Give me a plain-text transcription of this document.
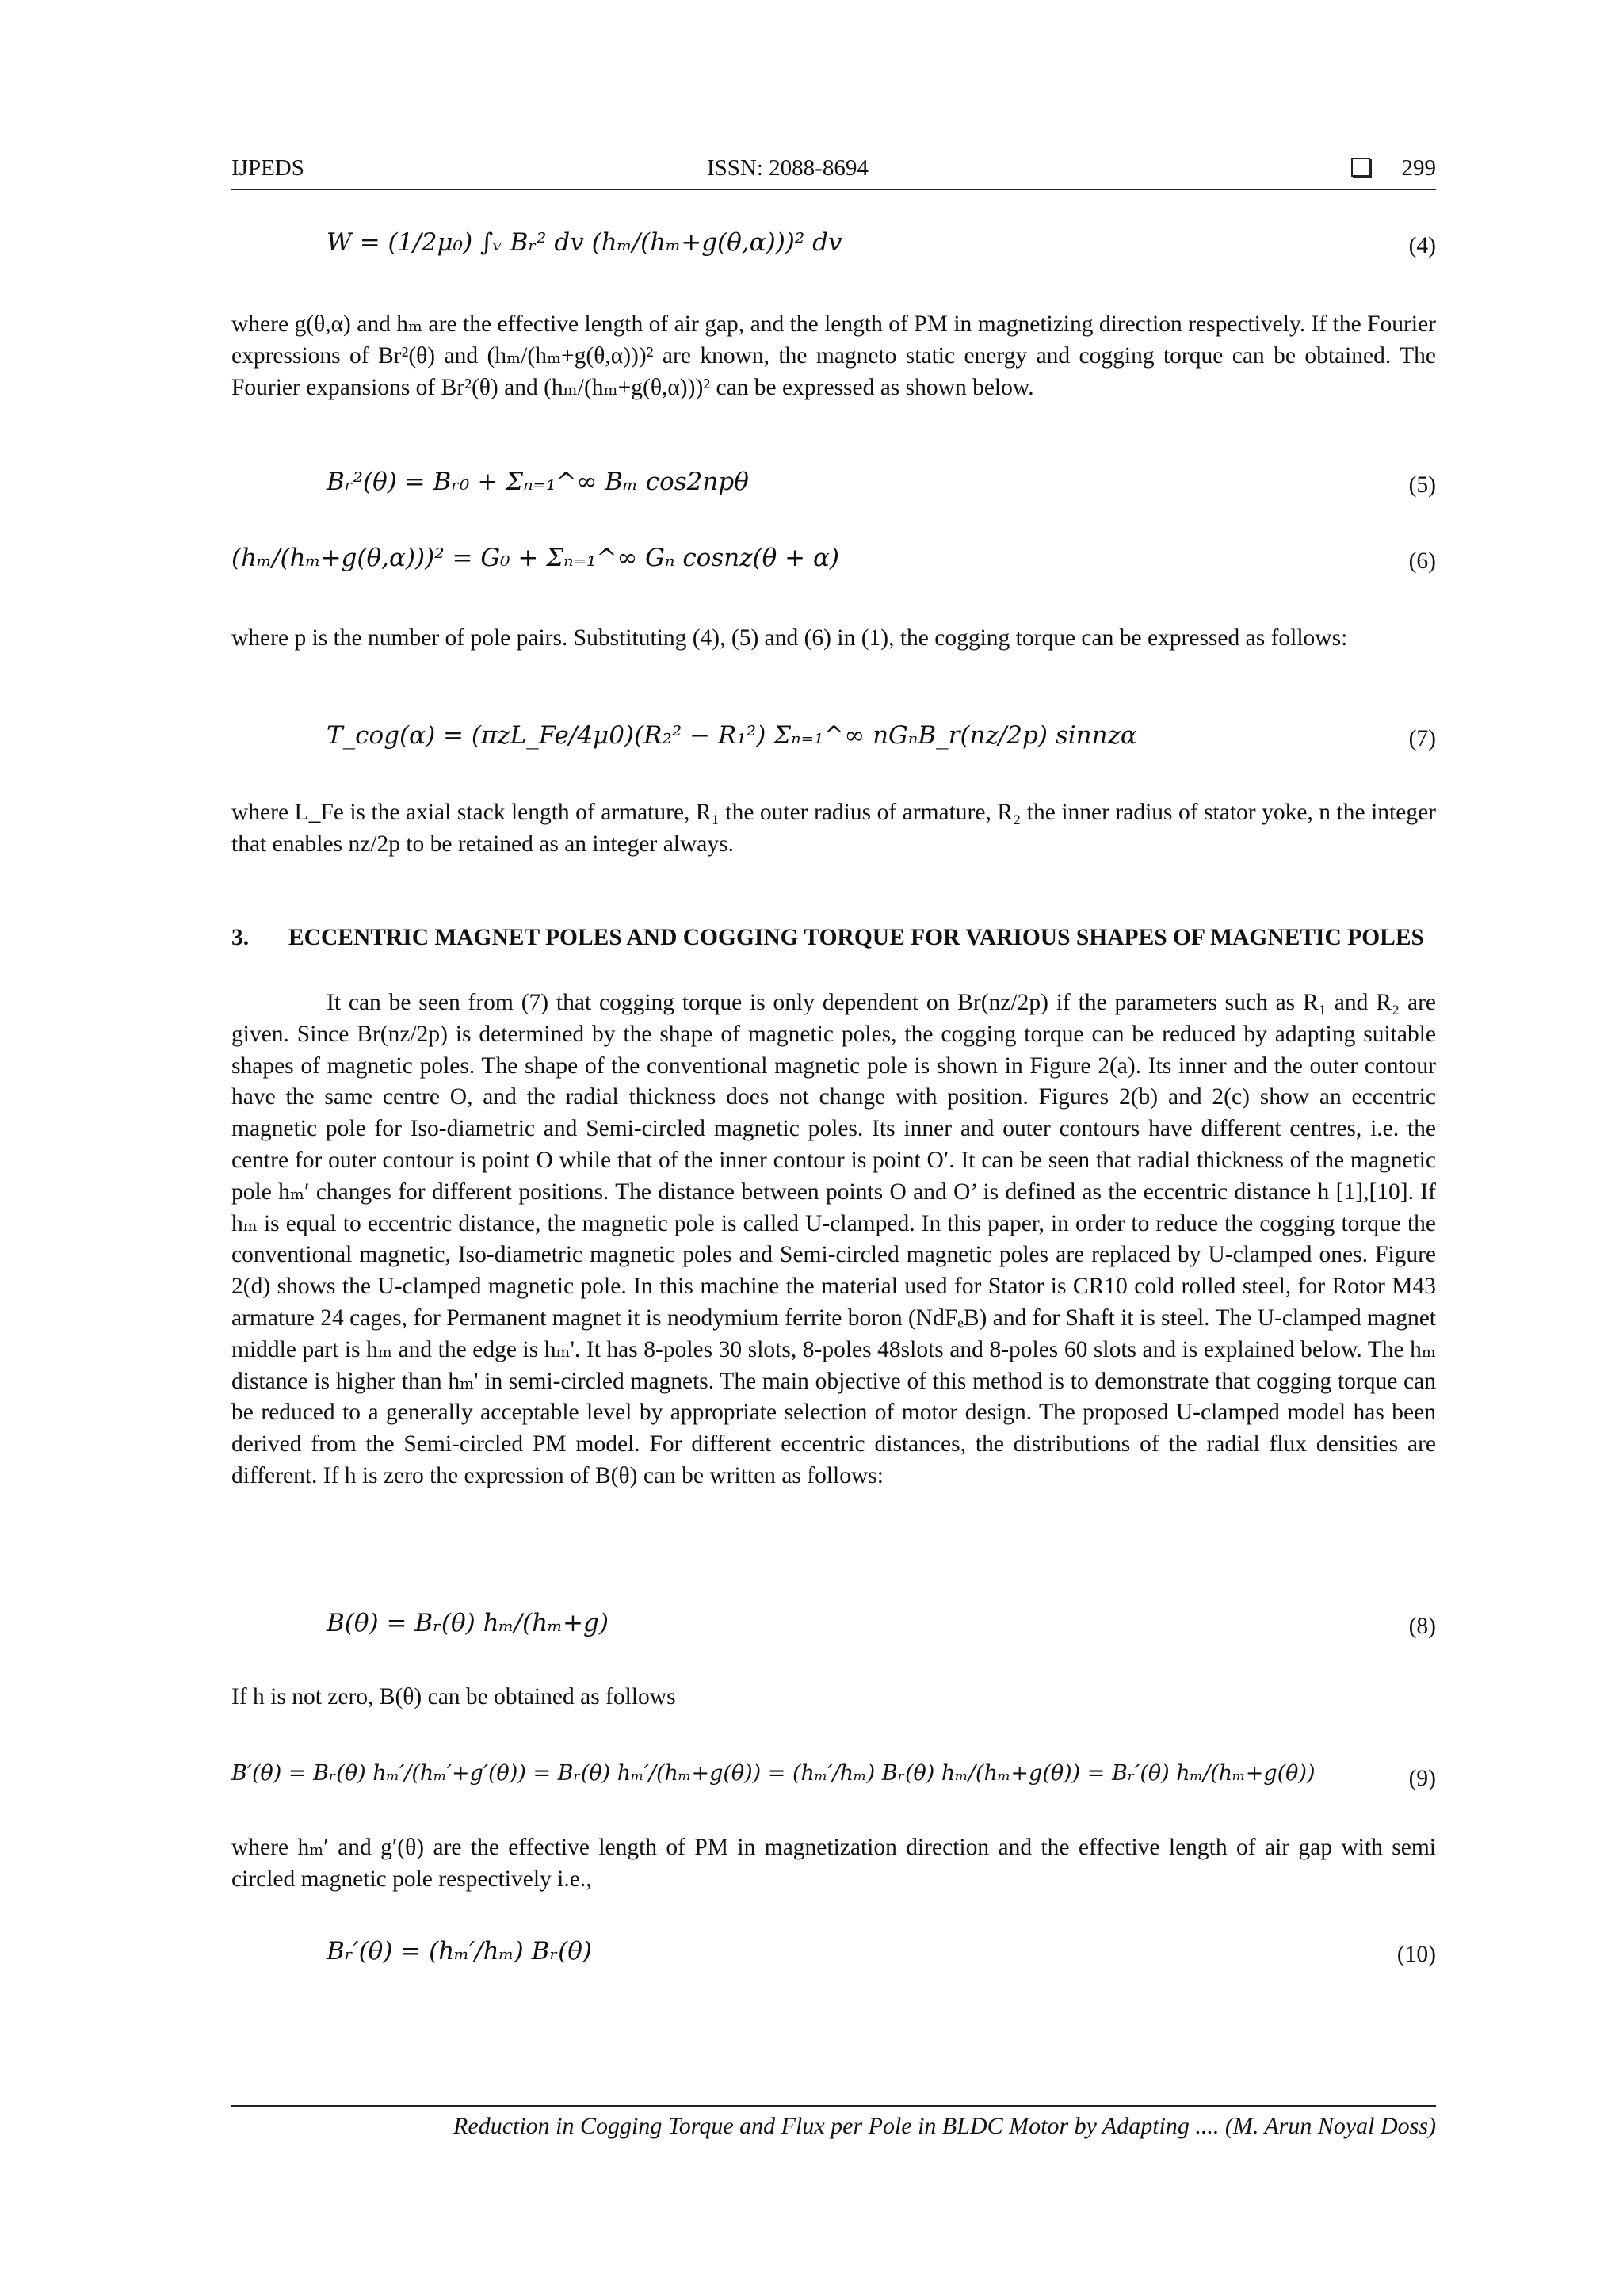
IJPEDS	ISSN: 2088-8694	299
W = (1/2μ₀) ∫ᵥ Bᵣ² dv (hₘ/(hₘ+g(θ,α)))² dv	(4)

where g(θ,α) and hₘ are the effective length of air gap, and the length of PM in magnetizing direction respectively. If the Fourier expressions of Br²(θ) and (hₘ/(hₘ+g(θ,α)))² are known, the magneto static energy and cogging torque can be obtained. The Fourier expansions of Br²(θ) and (hₘ/(hₘ+g(θ,α)))² can be expressed as shown below.

Bᵣ²(θ) = Bᵣ₀ + Σₙ₌₁^∞ Bₘ cos2npθ	(5)
(hₘ/(hₘ+g(θ,α)))² = G₀ + Σₙ₌₁^∞ Gₙ cosnz(θ + α)	(6)

where p is the number of pole pairs. Substituting (4), (5) and (6) in (1), the cogging torque can be expressed as follows:

T_cog(α) = (πzL_Fe/4μ0)(R₂² − R₁²) Σₙ₌₁^∞ nGₙB_r(nz/2p) sinnzα	(7)

where L_Fe is the axial stack length of armature, R₁ the outer radius of armature, R₂ the inner radius of stator yoke, n the integer that enables nz/2p to be retained as an integer always.

3. ECCENTRIC MAGNET POLES AND COGGING TORQUE FOR VARIOUS SHAPES OF MAGNETIC POLES

It can be seen from (7) that cogging torque is only dependent on Br(nz/2p) if the parameters such as R₁ and R₂ are given. Since Br(nz/2p) is determined by the shape of magnetic poles, the cogging torque can be reduced by adapting suitable shapes of magnetic poles. The shape of the conventional magnetic pole is shown in Figure 2(a). Its inner and the outer contour have the same centre O, and the radial thickness does not change with position. Figures 2(b) and 2(c) show an eccentric magnetic pole for Iso-diametric and Semi-circled magnetic poles. Its inner and outer contours have different centres, i.e. the centre for outer contour is point O while that of the inner contour is point O′. It can be seen that radial thickness of the magnetic pole hₘ′ changes for different positions. The distance between points O and O’ is defined as the eccentric distance h [1],[10]. If hₘ is equal to eccentric distance, the magnetic pole is called U-clamped. In this paper, in order to reduce the cogging torque the conventional magnetic, Iso-diametric magnetic poles and Semi-circled magnetic poles are replaced by U-clamped ones. Figure 2(d) shows the U-clamped magnetic pole. In this machine the material used for Stator is CR10 cold rolled steel, for Rotor M43 armature 24 cages, for Permanent magnet it is neodymium ferrite boron (NdFₑB) and for Shaft it is steel. The U-clamped magnet middle part is hₘ and the edge is hₘ'. It has 8-poles 30 slots, 8-poles 48slots and 8-poles 60 slots and is explained below. The hₘ distance is higher than hₘ' in semi-circled magnets. The main objective of this method is to demonstrate that cogging torque can be reduced to a generally acceptable level by appropriate selection of motor design. The proposed U-clamped model has been derived from the Semi-circled PM model. For different eccentric distances, the distributions of the radial flux densities are different. If h is zero the expression of B(θ) can be written as follows:

B(θ) = Bᵣ(θ) hₘ/(hₘ+g)	(8)

If h is not zero, B(θ) can be obtained as follows

B′(θ) = Bᵣ(θ) hₘ′/(hₘ′+g′(θ)) = Bᵣ(θ) hₘ′/(hₘ+g(θ)) = (hₘ′/hₘ) Bᵣ(θ) hₘ/(hₘ+g(θ)) = Bᵣ′(θ) hₘ/(hₘ+g(θ))	(9)

where hₘ′ and g′(θ) are the effective length of PM in magnetization direction and the effective length of air gap with semi circled magnetic pole respectively i.e.,

Bᵣ′(θ) = (hₘ′/hₘ) Bᵣ(θ)	(10)
Reduction in Cogging Torque and Flux per Pole in BLDC Motor by Adapting .... (M. Arun Noyal Doss)
